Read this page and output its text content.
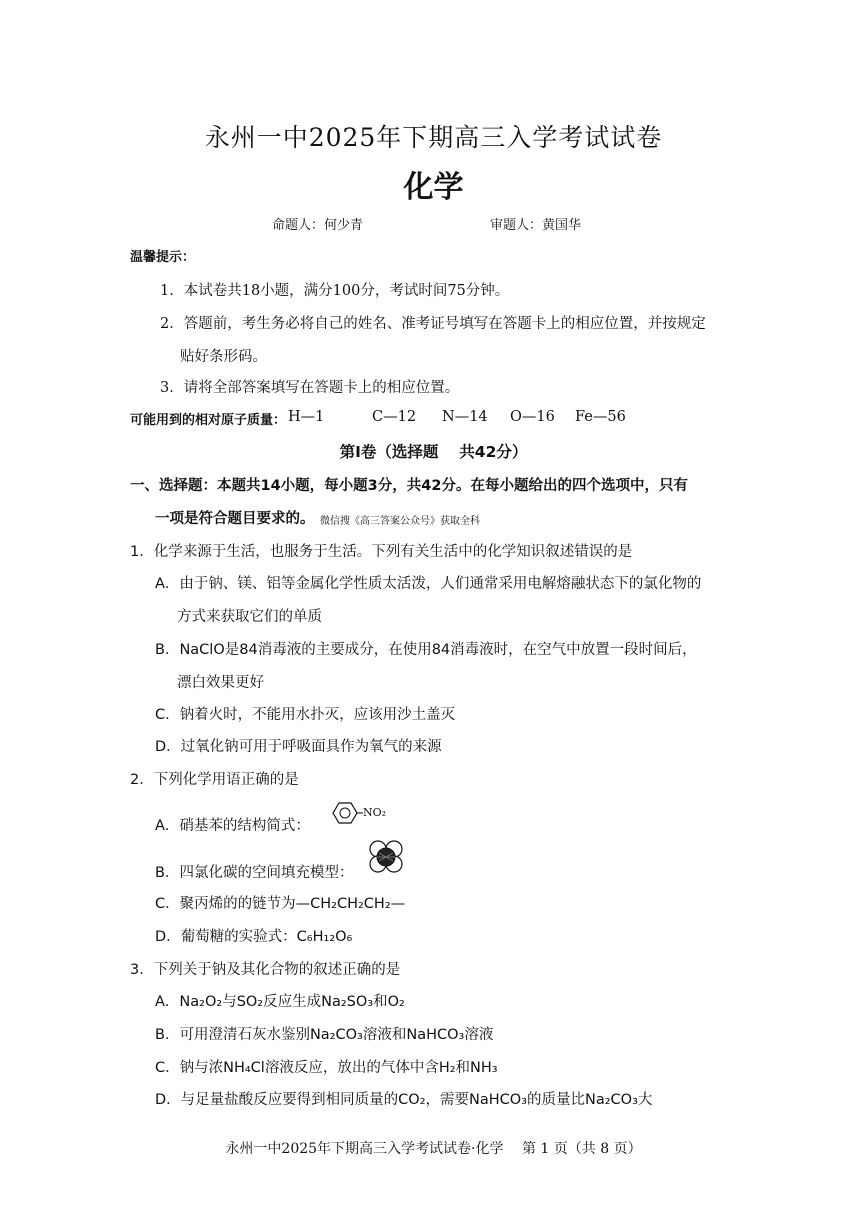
永州一中2025年下期高三入学考试试卷
化学
命题人：何少青	审题人：黄国华
温馨提示：
1．本试卷共18小题，满分100分，考试时间75分钟。
2．答题前，考生务必将自己的姓名、准考证号填写在答题卡上的相应位置，并按规定
贴好条形码。
3．请将全部答案填写在答题卡上的相应位置。
可能用到的相对原子质量： H—1	C—12 N—14 O—16 Fe—56
第Ⅰ卷（选择题　 共42分）
一、选择题：本题共14小题，每小题3分，共42分。在每小题给出的四个选项中，只有
一项是符合题目要求的。 微信搜《高三答案公众号》获取全科
1．化学来源于生活，也服务于生活。下列有关生活中的化学知识叙述错误的是
A．由于钠、镁、铝等金属化学性质太活泼，人们通常采用电解熔融状态下的氯化物的
方式来获取它们的单质
B．NaClO是84消毒液的主要成分，在使用84消毒液时，在空气中放置一段时间后，
漂白效果更好
C．钠着火时，不能用水扑灭，应该用沙土盖灭
D．过氧化钠可用于呼吸面具作为氧气的来源
2．下列化学用语正确的是
A．硝基苯的结构简式：
NO₂
B．四氯化碳的空间填充模型：
C．聚丙烯的的链节为—CH₂CH₂CH₂—
D．葡萄糖的实验式：C₆H₁₂O₆
3．下列关于钠及其化合物的叙述正确的是
A．Na₂O₂与SO₂反应生成Na₂SO₃和O₂
B．可用澄清石灰水鉴别Na₂CO₃溶液和NaHCO₃溶液
C．钠与浓NH₄Cl溶液反应，放出的气体中含H₂和NH₃
D．与足量盐酸反应要得到相同质量的CO₂，需要NaHCO₃的质量比Na₂CO₃大
永州一中2025年下期高三入学考试试卷·化学　 第 1 页（共 8 页）
